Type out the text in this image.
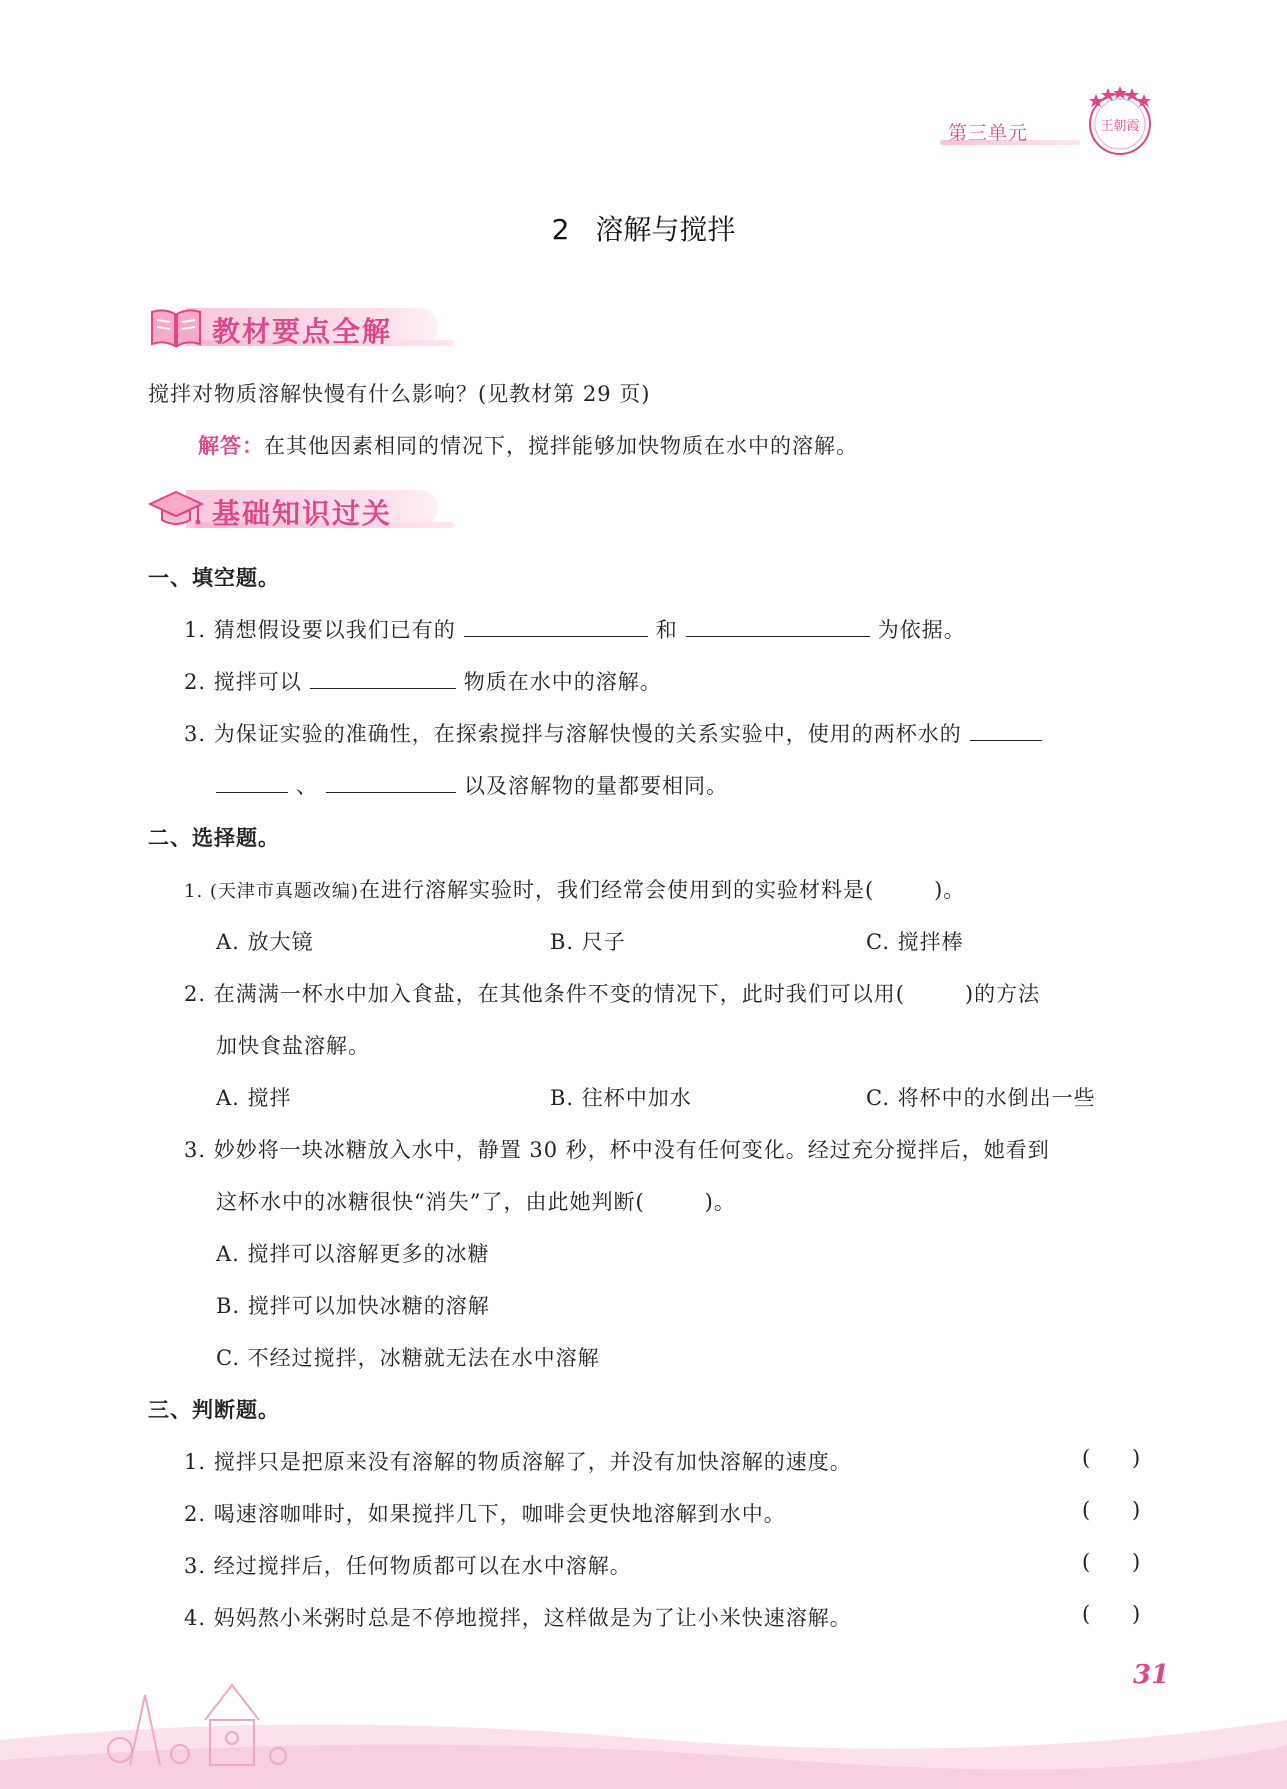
第三单元	王朝霞
2 溶解与搅拌
教材要点全解
搅拌对物质溶解快慢有什么影响？(见教材第 29 页)
解答：在其他因素相同的情况下，搅拌能够加快物质在水中的溶解。
基础知识过关
一、填空题。
1. 猜想假设要以我们已有的	和	为依据。
2. 搅拌可以	物质在水中的溶解。
3. 为保证实验的准确性，在探索搅拌与溶解快慢的关系实验中，使用的两杯水的
、	以及溶解物的量都要相同。
二、选择题。
1. (天津市真题改编)在进行溶解实验时，我们经常会使用到的实验材料是(	)。
A. 放大镜	B. 尺子	C. 搅拌棒
2. 在满满一杯水中加入食盐，在其他条件不变的情况下，此时我们可以用(	)的方法
加快食盐溶解。
A. 搅拌	B. 往杯中加水	C. 将杯中的水倒出一些
3. 妙妙将一块冰糖放入水中，静置 30 秒，杯中没有任何变化。经过充分搅拌后，她看到
这杯水中的冰糖很快“消失”了，由此她判断(	)。
A. 搅拌可以溶解更多的冰糖
B. 搅拌可以加快冰糖的溶解
C. 不经过搅拌，冰糖就无法在水中溶解
三、判断题。
1. 搅拌只是把原来没有溶解的物质溶解了，并没有加快溶解的速度。	( )
2. 喝速溶咖啡时，如果搅拌几下，咖啡会更快地溶解到水中。	( )
3. 经过搅拌后，任何物质都可以在水中溶解。	( )
4. 妈妈熬小米粥时总是不停地搅拌，这样做是为了让小米快速溶解。	( )
31
